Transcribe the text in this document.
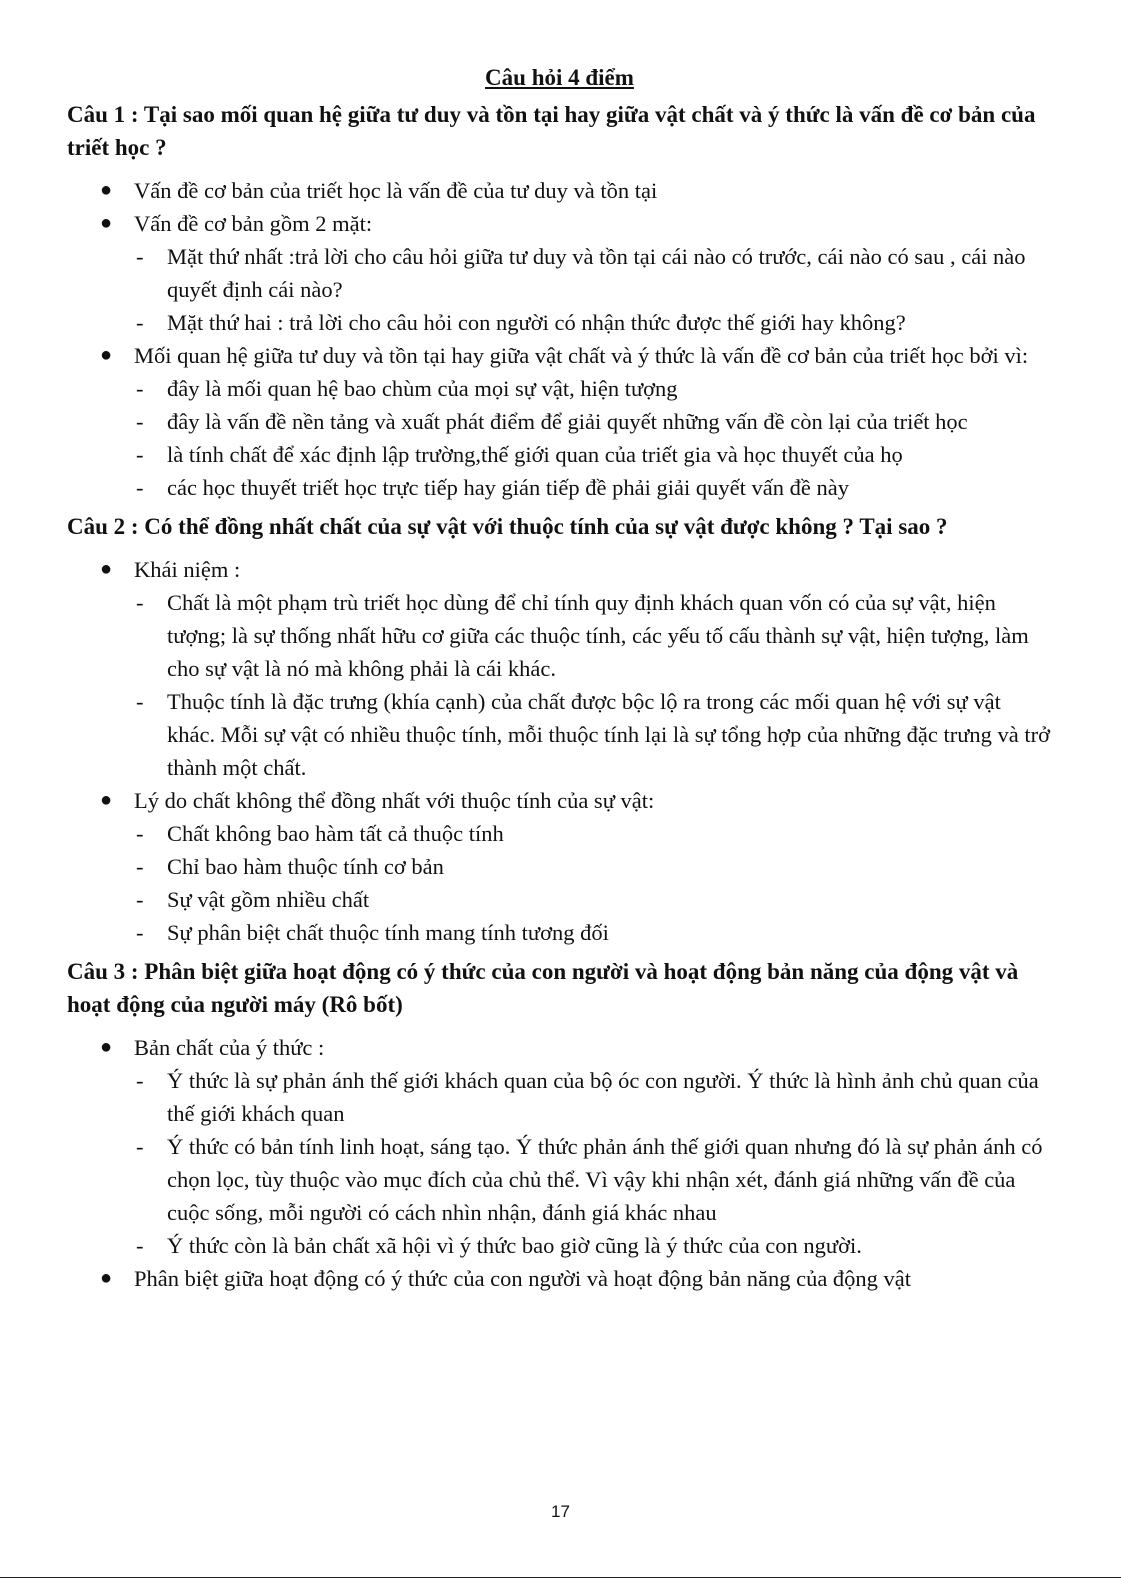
Câu hỏi 4 điểm
Câu 1 : Tại sao mối quan hệ giữa tư duy và tồn tại hay giữa vật chất và ý thức là vấn đề cơ bản của triết học ?
● Vấn đề cơ bản của triết học là vấn đề của tư duy và tồn tại
● Vấn đề cơ bản gồm 2 mặt:
- Mặt thứ nhất :trả lời cho câu hỏi giữa tư duy và tồn tại cái nào có trước, cái nào có sau , cái nào quyết định cái nào?
- Mặt thứ hai : trả lời cho câu hỏi con người có nhận thức được thế giới hay không?
● Mối quan hệ giữa tư duy và tồn tại hay giữa vật chất và ý thức là vấn đề cơ bản của triết học bởi vì:
- đây là mối quan hệ bao chùm của mọi sự vật, hiện tượng
- đây là vấn đề nền tảng và xuất phát điểm để giải quyết những vấn đề còn lại của triết học
- là tính chất để xác định lập trường,thế giới quan của triết gia và học thuyết của họ
- các học thuyết triết học trực tiếp hay gián tiếp đề phải giải quyết vấn đề này
Câu 2 : Có thể đồng nhất chất của sự vật với thuộc tính của sự vật được không ? Tại sao ?
● Khái niệm :
- Chất là một phạm trù triết học dùng để chỉ tính quy định khách quan vốn có của sự vật, hiện tượng; là sự thống nhất hữu cơ giữa các thuộc tính, các yếu tố cấu thành sự vật, hiện tượng, làm cho sự vật là nó mà không phải là cái khác.
- Thuộc tính là đặc trưng (khía cạnh) của chất được bộc lộ ra trong các mối quan hệ với sự vật khác. Mỗi sự vật có nhiều thuộc tính, mỗi thuộc tính lại là sự tổng hợp của những đặc trưng và trở thành một chất.
● Lý do chất không thể đồng nhất với thuộc tính của sự vật:
- Chất không bao hàm tất cả thuộc tính
- Chỉ bao hàm thuộc tính cơ bản
- Sự vật gồm nhiều chất
- Sự phân biệt chất thuộc tính mang tính tương đối
Câu 3 : Phân biệt giữa hoạt động có ý thức của con người và hoạt động bản năng của động vật và hoạt động của người máy (Rô bốt)
● Bản chất của ý thức :
- Ý thức là sự phản ánh thế giới khách quan của bộ óc con người. Ý thức là hình ảnh chủ quan của thế giới khách quan
- Ý thức có bản tính linh hoạt, sáng tạo. Ý thức phản ánh thế giới quan nhưng đó là sự phản ánh có chọn lọc, tùy thuộc vào mục đích của chủ thể. Vì vậy khi nhận xét, đánh giá những vấn đề của cuộc sống, mỗi người có cách nhìn nhận, đánh giá khác nhau
- Ý thức còn là bản chất xã hội vì ý thức bao giờ cũng là ý thức của con người.
● Phân biệt giữa hoạt động có ý thức của con người và hoạt động bản năng của động vật
17
